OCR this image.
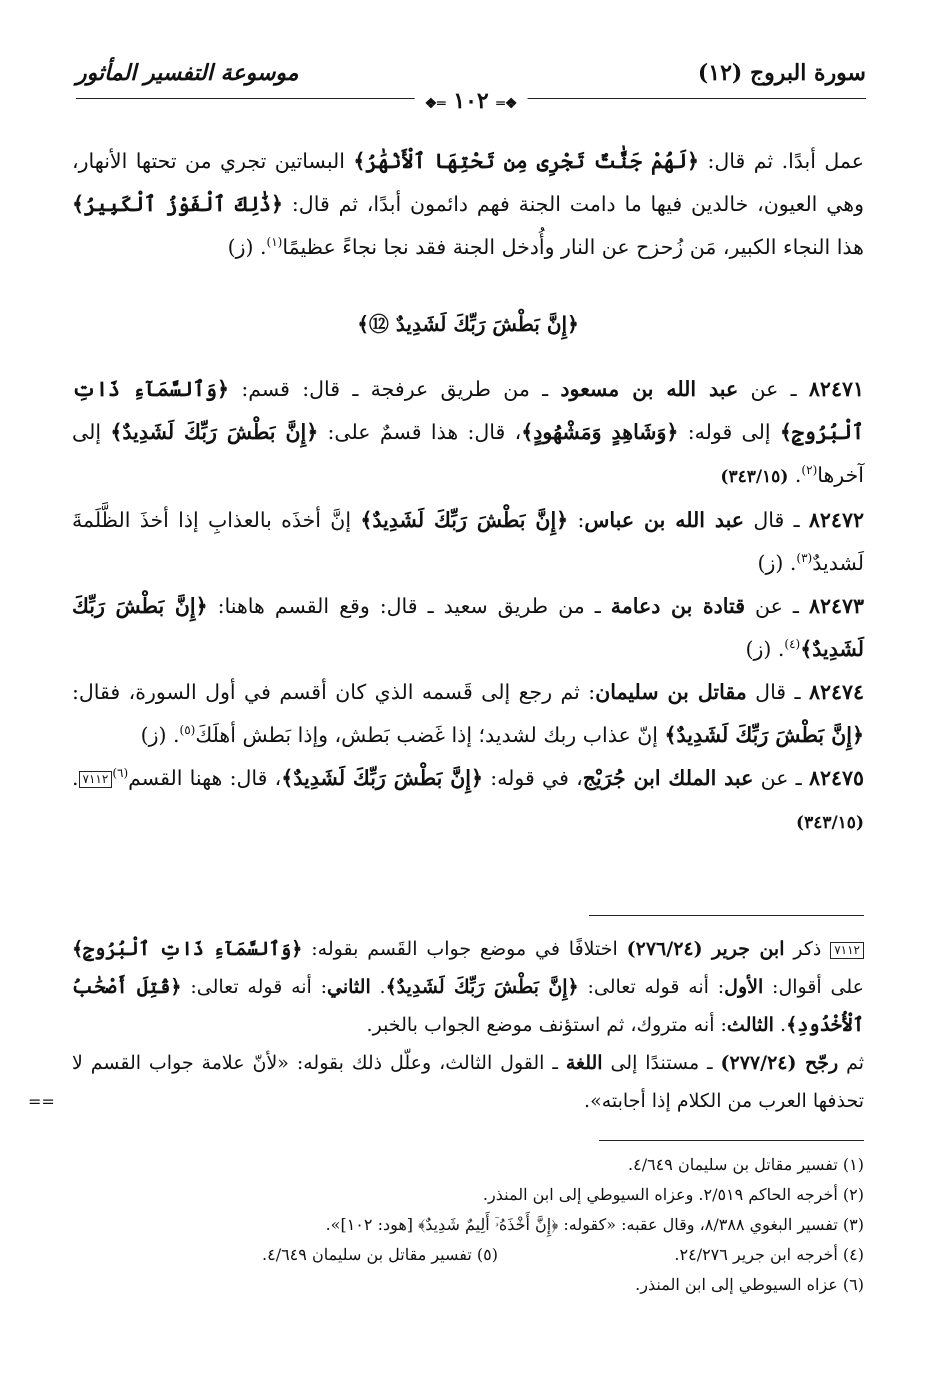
سورة البروج (١٢)
موسوعة التفسير المأثور
❖═ ١٠٢ ═❖

عمل أبدًا. ثم قال: ﴿لَهُمْ جَنَّٰتٌ تَجْرِى مِن تَحْتِهَا ٱلْأَنْهَٰرُ﴾ البساتين تجري من تحتها الأنهار، وهي العيون، خالدين فيها ما دامت الجنة فهم دائمون أبدًا، ثم قال: ﴿ذَٰلِكَ ٱلْفَوْزُ ٱلْكَبِيرُ﴾ هذا النجاء الكبير، مَن زُحزح عن النار وأُدخل الجنة فقد نجا نجاءً عظيمًا$^{(١)}$. (ز)

﴿إِنَّ بَطْشَ رَبِّكَ لَشَدِيدٌ ⑫﴾

٨٢٤٧١ ـ عن عبد الله بن مسعود ـ من طريق عرفجة ـ قال: قسم: ﴿وَٱلسَّمَآءِ ذَاتِ ٱلْبُرُوجِ﴾ إلى قوله: ﴿وَشَاهِدٍ وَمَشْهُودٍ﴾، قال: هذا قسمٌ على: ﴿إِنَّ بَطْشَ رَبِّكَ لَشَدِيدٌ﴾ إلى آخرها$^{(٢)}$. (٣٤٣/١٥)

٨٢٤٧٢ ـ قال عبد الله بن عباس: ﴿إِنَّ بَطْشَ رَبِّكَ لَشَدِيدٌ﴾ إنَّ أخذَه بالعذابِ إذا أخذَ الظَّلَمةَ لَشديدٌ$^{(٣)}$. (ز)

٨٢٤٧٣ ـ عن قتادة بن دعامة ـ من طريق سعيد ـ قال: وقع القسم هاهنا: ﴿إِنَّ بَطْشَ رَبِّكَ لَشَدِيدٌ﴾$^{(٤)}$. (ز)

٨٢٤٧٤ ـ قال مقاتل بن سليمان: ثم رجع إلى قَسمه الذي كان أقسم في أول السورة، فقال: ﴿إِنَّ بَطْشَ رَبِّكَ لَشَدِيدٌ﴾ إنّ عذاب ربك لشديد؛ إذا غَضب بَطش، وإذا بَطش أهلَكَ$^{(٥)}$. (ز)

٨٢٤٧٥ ـ عن عبد الملك ابن جُرَيْج، في قوله: ﴿إِنَّ بَطْشَ رَبِّكَ لَشَدِيدٌ﴾، قال: ههنا القسم$^{(٦)}$٧١١٢. (٣٤٣/١٥)

٧١١٢ ذكر ابن جرير (٢٧٦/٢٤) اختلافًا في موضع جواب القَسم بقوله: ﴿وَٱلسَّمَآءِ ذَاتِ ٱلْبُرُوجِ﴾ على أقوال: الأول: أنه قوله تعالى: ﴿إِنَّ بَطْشَ رَبِّكَ لَشَدِيدٌ﴾. الثاني: أنه قوله تعالى: ﴿قُتِلَ أَصْحَٰبُ ٱلْأُخْدُودِ﴾. الثالث: أنه متروك، ثم استؤنف موضع الجواب بالخبر.
ثم رجّح (٢٧٧/٢٤) ـ مستندًا إلى اللغة ـ القول الثالث، وعلّل ذلك بقوله: «لأنّ علامة جواب القسم لا تحذفها العرب من الكلام إذا أجابته».
==
(١) تفسير مقاتل بن سليمان ٤/٦٤٩.
(٢) أخرجه الحاكم ٢/٥١٩. وعزاه السيوطي إلى ابن المنذر.
(٣) تفسير البغوي ٨/٣٨٨، وقال عقبه: «كقوله: ﴿إِنَّ أَخْذَهُۥٓ أَلِيمٌ شَدِيدٌ﴾ [هود: ١٠٢]».
(٤) أخرجه ابن جرير ٢٤/٢٧٦.
(٥) تفسير مقاتل بن سليمان ٤/٦٤٩.
(٦) عزاه السيوطي إلى ابن المنذر.
